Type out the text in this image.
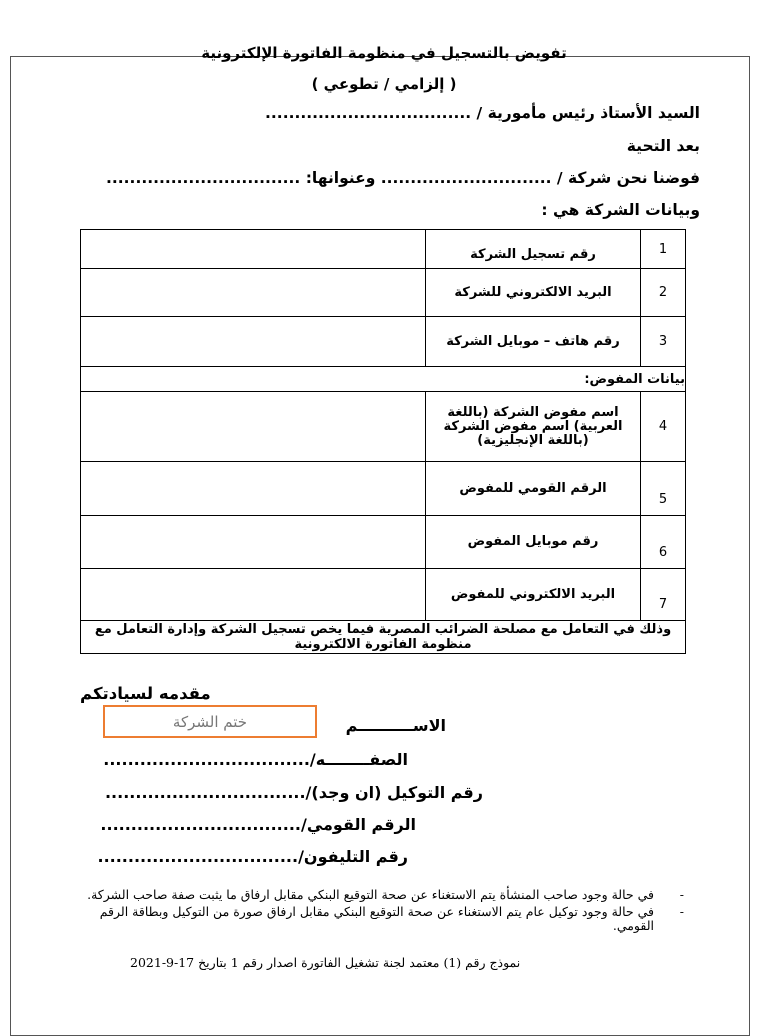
تفويض بالتسجيل في منظومة الفاتورة الإلكترونية
( إلزامي / تطوعي )
السيد الأستاذ رئيس مأمورية / ...................................
بعد التحية
فوضنا نحن شركة / ............................. وعنوانها: .................................
وبيانات الشركة هي :
1	رقم تسجيل الشركة	
2	البريد الالكتروني للشركة	
3	رقم هاتف – موبايل الشركة	
بيانات المفوض:		
4	اسم مفوض الشركة (باللغة العربية) اسم مفوض الشركة (باللغة الإنجليزية)	
5	الرقم القومي للمفوض	
6	رقم موبايل المفوض	
7	البريد الالكتروني للمفوض	
وذلك في التعامل مع مصلحة الضرائب المصرية فيما يخص تسجيل الشركة وإدارة التعامل مع منظومة الفاتورة الالكترونية		
مقدمه لسيادتكم
ختم الشركة	الاســــــــــم
الصفــــــــه/..................................
رقم التوكيل (ان وجد)/.................................
الرقم القومي/.................................
رقم التليفون/.................................
-
في حالة وجود صاحب المنشأة يتم الاستغناء عن صحة التوقيع البنكي مقابل ارفاق ما يثبت صفة صاحب الشركة.
-
في حالة وجود توكيل عام يتم الاستغناء عن صحة التوقيع البنكي مقابل ارفاق صورة من التوكيل وبطاقة الرقم القومي.
نموذج رقم (1) معتمد لجنة تشغيل الفاتورة اصدار رقم 1 بتاريخ 17-9-2021
